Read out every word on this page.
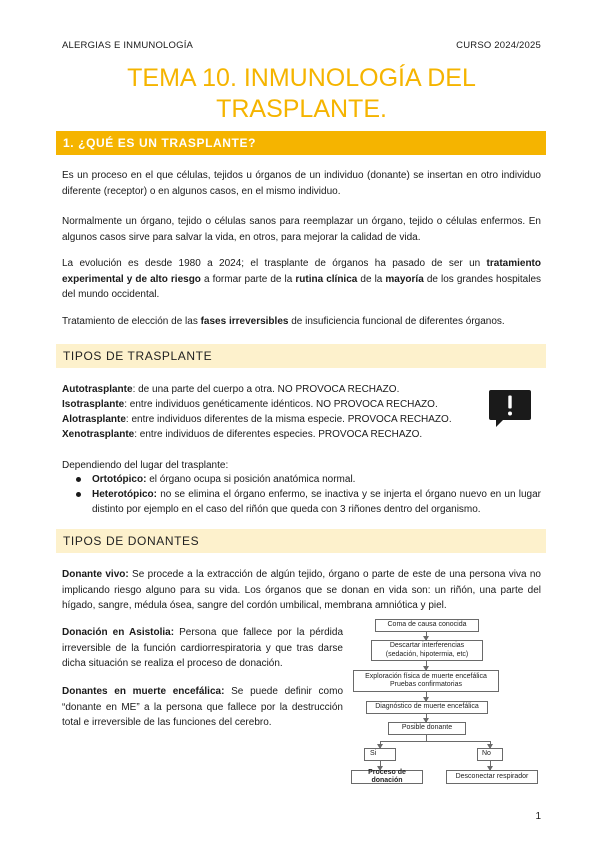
ALERGIAS E INMUNOLOGÍA	CURSO 2024/2025
TEMA 10. INMUNOLOGÍA DEL
TRASPLANTE.
1. ¿QUÉ ES UN TRASPLANTE?

Es un proceso en el que células, tejidos u órganos de un individuo (donante) se insertan en otro individuo diferente (receptor) o en algunos casos, en el mismo individuo.

Normalmente un órgano, tejido o células sanos para reemplazar un órgano, tejido o células enfermos. En algunos casos sirve para salvar la vida, en otros, para mejorar la calidad de vida.

La evolución es desde 1980 a 2024; el trasplante de órganos ha pasado de ser un tratamiento experimental y de alto riesgo a formar parte de la rutina clínica de la mayoría de los grandes hospitales del mundo occidental.

Tratamiento de elección de las fases irreversibles de insuficiencia funcional de diferentes órganos.

TIPOS DE TRASPLANTE

Autotrasplante: de una parte del cuerpo a otra. NO PROVOCA RECHAZO.

Isotrasplante: entre individuos genéticamente idénticos. NO PROVOCA RECHAZO.

Alotrasplante: entre individuos diferentes de la misma especie. PROVOCA RECHAZO.

Xenotrasplante: entre individuos de diferentes especies. PROVOCA RECHAZO.

Dependiendo del lugar del trasplante:

Ortotópico: el órgano ocupa si posición anatómica normal.
Heterotópico: no se elimina el órgano enfermo, se inactiva y se injerta el órgano nuevo en un lugar distinto por ejemplo en el caso del riñón que queda con 3 riñones dentro del organismo.
TIPOS DE DONANTES

Donante vivo: Se procede a la extracción de algún tejido, órgano o parte de este de una persona viva no implicando riesgo alguno para su vida. Los órganos que se donan en vida son: un riñón, una parte del hígado, sangre, médula ósea, sangre del cordón umbilical, membrana amniótica y piel.

Donación en Asistolia: Persona que fallece por la pérdida irreversible de la función cardiorrespiratoria y que tras darse dicha situación se realiza el proceso de donación.

Donantes en muerte encefálica: Se puede definir como “donante en ME” a la persona que fallece por la destrucción total e irreversible de las funciones del cerebro.

Coma de causa conocida
Descartar interferencias
(sedación, hipotermia, etc)
Exploración física de muerte encefálica
Pruebas confirmatorias
Diagnóstico de muerte encefálica
Posible donante
Si	No
Proceso de donación
Desconectar respirador
1
